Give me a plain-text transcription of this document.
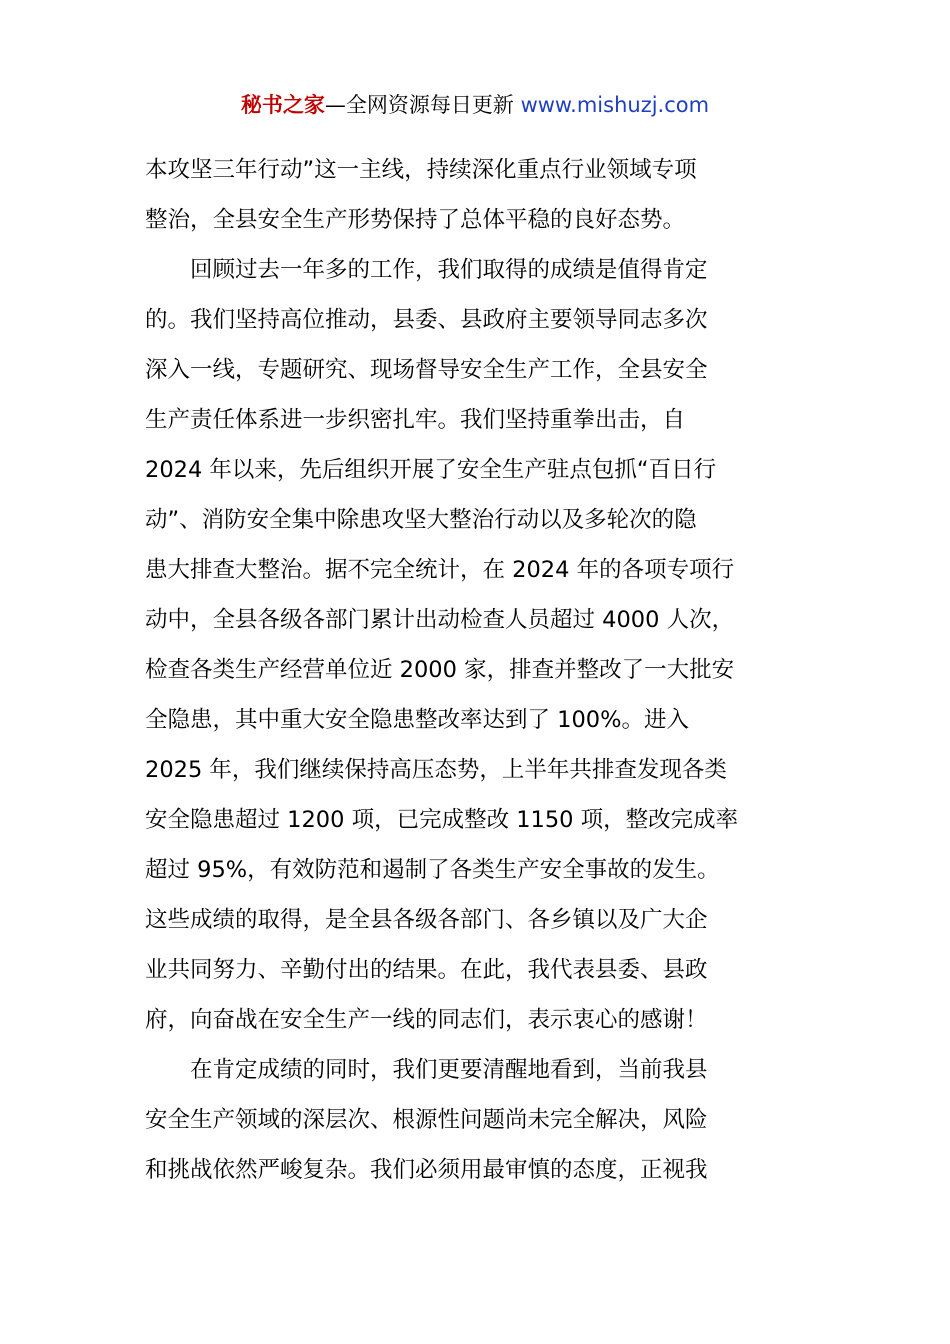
秘书之家—全网资源每日更新 www.mishuzj.com
本攻坚三年行动”这一主线，持续深化重点行业领域专项
整治，全县安全生产形势保持了总体平稳的良好态势。
回顾过去一年多的工作，我们取得的成绩是值得肯定
的。我们坚持高位推动，县委、县政府主要领导同志多次
深入一线，专题研究、现场督导安全生产工作，全县安全
生产责任体系进一步织密扎牢。我们坚持重拳出击，自
2024 年以来，先后组织开展了安全生产驻点包抓“百日行
动”、消防安全集中除患攻坚大整治行动以及多轮次的隐
患大排查大整治。据不完全统计，在 2024 年的各项专项行
动中，全县各级各部门累计出动检查人员超过 4000 人次，
检查各类生产经营单位近 2000 家，排查并整改了一大批安
全隐患，其中重大安全隐患整改率达到了 100%。进入
2025 年，我们继续保持高压态势，上半年共排查发现各类
安全隐患超过 1200 项，已完成整改 1150 项，整改完成率
超过 95%，有效防范和遏制了各类生产安全事故的发生。
这些成绩的取得，是全县各级各部门、各乡镇以及广大企
业共同努力、辛勤付出的结果。在此，我代表县委、县政
府，向奋战在安全生产一线的同志们，表示衷心的感谢！
在肯定成绩的同时，我们更要清醒地看到，当前我县
安全生产领域的深层次、根源性问题尚未完全解决，风险
和挑战依然严峻复杂。我们必须用最审慎的态度，正视我
